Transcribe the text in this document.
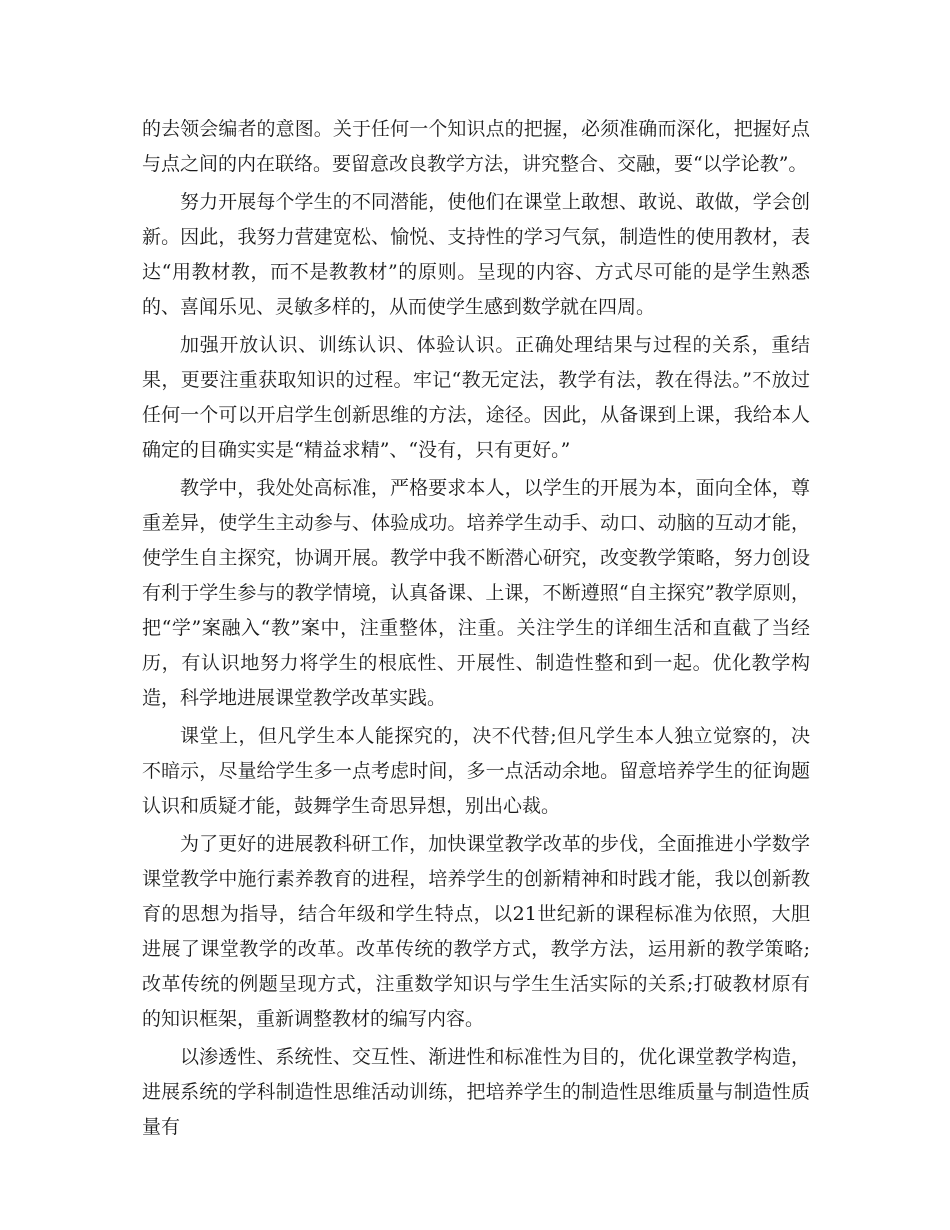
的去领会编者的意图。关于任何一个知识点的把握，必须准确而深化，把握好点与点之间的内在联络。要留意改良教学方法，讲究整合、交融，要“以学论教”。

努力开展每个学生的不同潜能，使他们在课堂上敢想、敢说、敢做，学会创新。因此，我努力营建宽松、愉悦、支持性的学习气氛，制造性的使用教材，表达“用教材教，而不是教教材”的原则。呈现的内容、方式尽可能的是学生熟悉的、喜闻乐见、灵敏多样的，从而使学生感到数学就在四周。

加强开放认识、训练认识、体验认识。正确处理结果与过程的关系，重结果，更要注重获取知识的过程。牢记“教无定法，教学有法，教在得法。”不放过任何一个可以开启学生创新思维的方法，途径。因此，从备课到上课，我给本人确定的目确实实是“精益求精”、“没有，只有更好。”

教学中，我处处高标准，严格要求本人，以学生的开展为本，面向全体，尊重差异，使学生主动参与、体验成功。培养学生动手、动口、动脑的互动才能，使学生自主探究，协调开展。教学中我不断潜心研究，改变教学策略，努力创设有利于学生参与的教学情境，认真备课、上课，不断遵照“自主探究”教学原则，把“学”案融入“教”案中，注重整体，注重。关注学生的详细生活和直截了当经历，有认识地努力将学生的根底性、开展性、制造性整和到一起。优化教学构造，科学地进展课堂教学改革实践。

课堂上，但凡学生本人能探究的，决不代替;但凡学生本人独立觉察的，决不暗示，尽量给学生多一点考虑时间，多一点活动余地。留意培养学生的征询题认识和质疑才能，鼓舞学生奇思异想，别出心裁。

为了更好的进展教科研工作，加快课堂教学改革的步伐，全面推进小学数学课堂教学中施行素养教育的进程，培养学生的创新精神和时践才能，我以创新教育的思想为指导，结合年级和学生特点，以21世纪新的课程标准为依照，大胆进展了课堂教学的改革。改革传统的教学方式，教学方法，运用新的教学策略;改革传统的例题呈现方式，注重数学知识与学生生活实际的关系;打破教材原有的知识框架，重新调整教材的编写内容。

以渗透性、系统性、交互性、渐进性和标准性为目的，优化课堂教学构造，进展系统的学科制造性思维活动训练，把培养学生的制造性思维质量与制造性质量有
